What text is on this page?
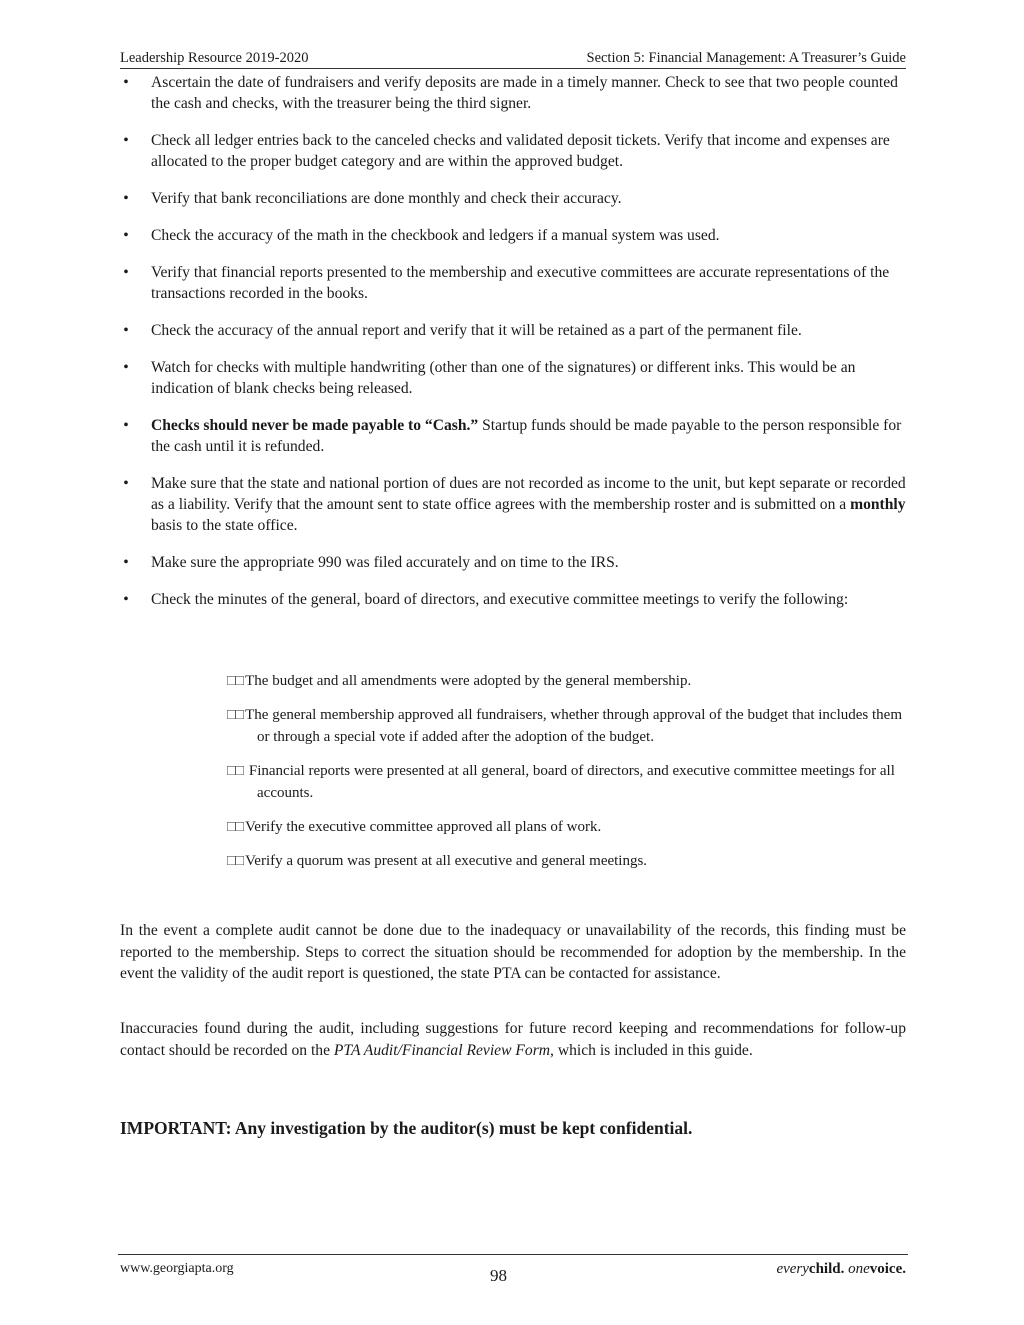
Leadership Resource 2019-2020	Section 5: Financial Management: A Treasurer’s Guide
• Ascertain the date of fundraisers and verify deposits are made in a timely manner. Check to see that two people counted the cash and checks, with the treasurer being the third signer.
• Check all ledger entries back to the canceled checks and validated deposit tickets. Verify that income and expenses are allocated to the proper budget category and are within the approved budget.
• Verify that bank reconciliations are done monthly and check their accuracy.
• Check the accuracy of the math in the checkbook and ledgers if a manual system was used.
• Verify that financial reports presented to the membership and executive committees are accurate representations of the transactions recorded in the books.
• Check the accuracy of the annual report and verify that it will be retained as a part of the permanent file.
• Watch for checks with multiple handwriting (other than one of the signatures) or different inks. This would be an indication of blank checks being released.
• Checks should never be made payable to “Cash.” Startup funds should be made payable to the person responsible for the cash until it is refunded.
• Make sure that the state and national portion of dues are not recorded as income to the unit, but kept separate or recorded as a liability. Verify that the amount sent to state office agrees with the membership roster and is submitted on a monthly basis to the state office.
• Make sure the appropriate 990 was filed accurately and on time to the IRS.
• Check the minutes of the general, board of directors, and executive committee meetings to verify the following:
□□ The budget and all amendments were adopted by the general membership.
□□ The general membership approved all fundraisers, whether through approval of the budget that includes them or through a special vote if added after the adoption of the budget.
□□ Financial reports were presented at all general, board of directors, and executive committee meetings for all accounts.
□□ Verify the executive committee approved all plans of work.
□□ Verify a quorum was present at all executive and general meetings.

In the event a complete audit cannot be done due to the inadequacy or unavailability of the records, this finding must be reported to the membership. Steps to correct the situation should be recommended for adoption by the membership. In the event the validity of the audit report is questioned, the state PTA can be contacted for assistance.

Inaccuracies found during the audit, including suggestions for future record keeping and recommendations for follow-up contact should be recorded on the PTA Audit/Financial Review Form, which is included in this guide.

IMPORTANT: Any investigation by the auditor(s) must be kept confidential.
www.georgiapta.org	98	everychild. onevoice.
